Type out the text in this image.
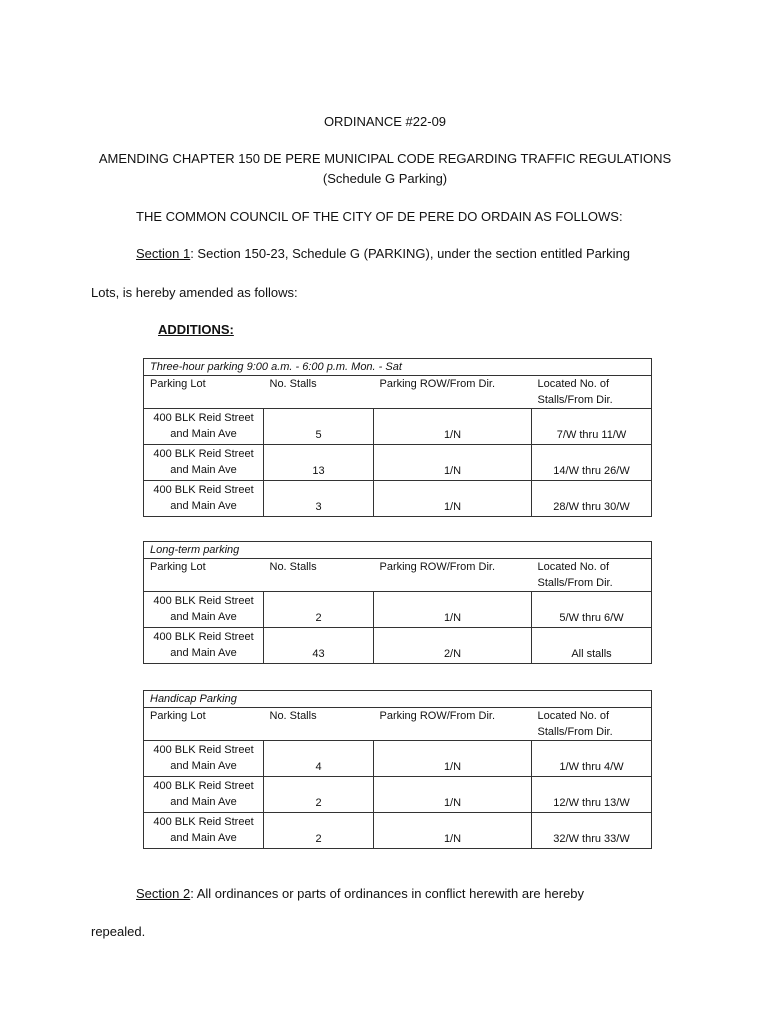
ORDINANCE #22-09
AMENDING CHAPTER 150 DE PERE MUNICIPAL CODE REGARDING TRAFFIC REGULATIONS
(Schedule G Parking)
THE COMMON COUNCIL OF THE CITY OF DE PERE DO ORDAIN AS FOLLOWS:
Section 1: Section 150-23, Schedule G (PARKING), under the section entitled Parking
Lots, is hereby amended as follows:
ADDITIONS:
Three-hour parking 9:00 a.m. - 6:00 p.m. Mon. - Sat			
Parking Lot	No. Stalls	Parking ROW/From Dir.	Located No. of
Stalls/From Dir.

400 BLK Reid Street
and Main Ave	5	1/N	7/W thru 11/W

400 BLK Reid Street
and Main Ave	13	1/N	14/W thru 26/W

400 BLK Reid Street
and Main Ave	3	1/N	28/W thru 30/W
Long-term parking			
Parking Lot	No. Stalls	Parking ROW/From Dir.	Located No. of
Stalls/From Dir.

400 BLK Reid Street
and Main Ave	2	1/N	5/W thru 6/W

400 BLK Reid Street
and Main Ave	43	2/N	All stalls
Handicap Parking			
Parking Lot	No. Stalls	Parking ROW/From Dir.	Located No. of
Stalls/From Dir.

400 BLK Reid Street
and Main Ave	4	1/N	1/W thru 4/W

400 BLK Reid Street
and Main Ave	2	1/N	12/W thru 13/W

400 BLK Reid Street
and Main Ave	2	1/N	32/W thru 33/W
Section 2: All ordinances or parts of ordinances in conflict herewith are hereby
repealed.
